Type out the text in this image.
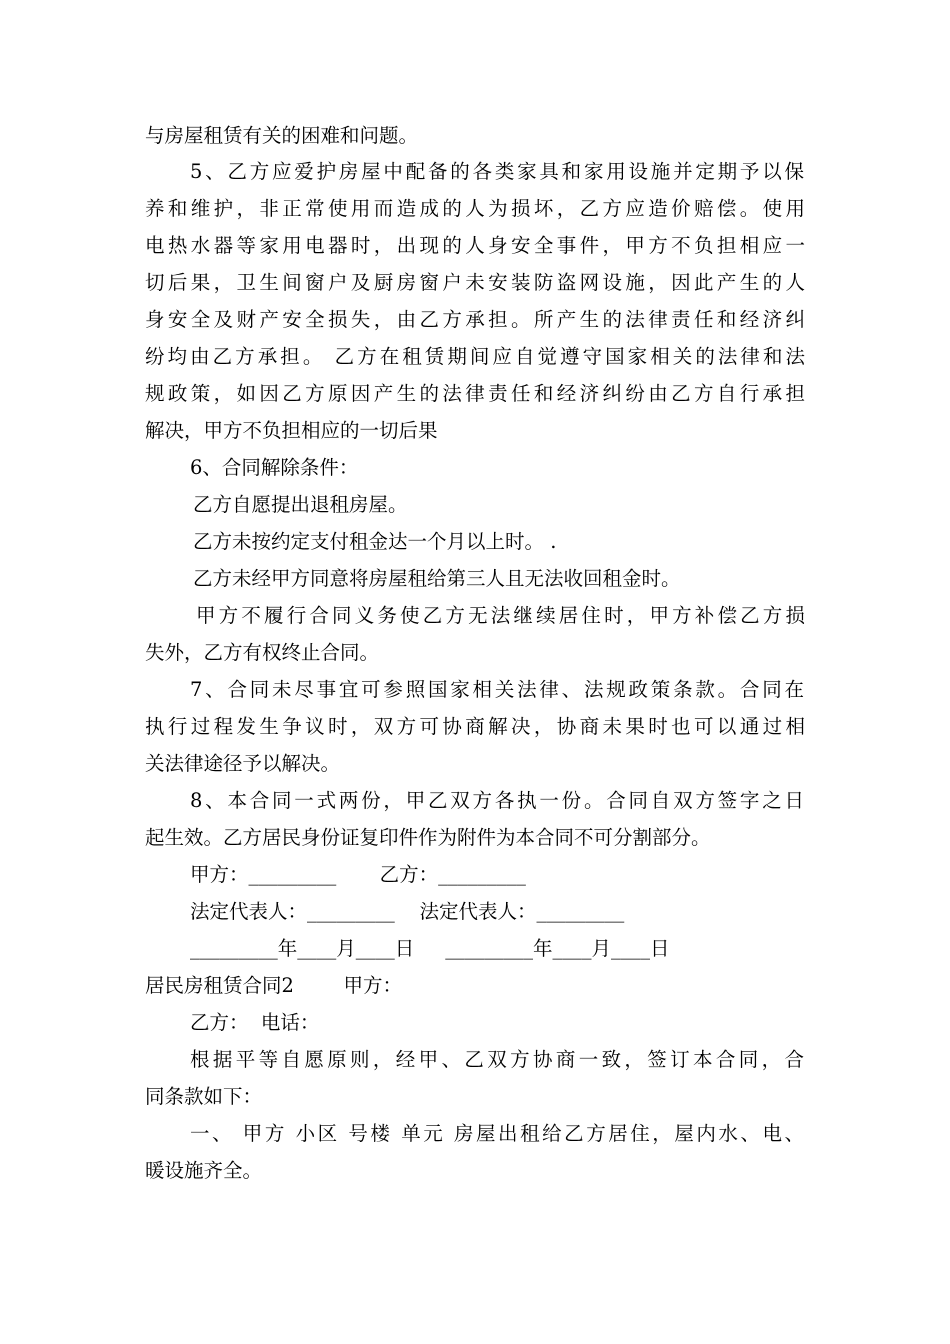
与房屋租赁有关的困难和问题。
5、乙方应爱护房屋中配备的各类家具和家用设施并定期予以保
养和维护，非正常使用而造成的人为损坏，乙方应造价赔偿。使用
电热水器等家用电器时，出现的人身安全事件，甲方不负担相应一
切后果，卫生间窗户及厨房窗户未安装防盗网设施，因此产生的人
身安全及财产安全损失，由乙方承担。所产生的法律责任和经济纠
纷均由乙方承担。 乙方在租赁期间应自觉遵守国家相关的法律和法
规政策，如因乙方原因产生的法律责任和经济纠纷由乙方自行承担
解决，甲方不负担相应的一切后果
6、合同解除条件：
乙方自愿提出退租房屋。
乙方未按约定支付租金达一个月以上时。 .
乙方未经甲方同意将房屋租给第三人且无法收回租金时。
甲方不履行合同义务使乙方无法继续居住时，甲方补偿乙方损
失外，乙方有权终止合同。
7、合同未尽事宜可参照国家相关法律、法规政策条款。合同在
执行过程发生争议时，双方可协商解决，协商未果时也可以通过相
关法律途径予以解决。
8、本合同一式两份，甲乙双方各执一份。合同自双方签字之日
起生效。乙方居民身份证复印件作为附件为本合同不可分割部分。
甲方：_________       乙方：_________
法定代表人：_________    法定代表人：_________
_________年____月____日     _________年____月____日
居民房租赁合同2        甲方：
乙方：  电话：
根据平等自愿原则，经甲、乙双方协商一致，签订本合同，合
同条款如下：
一、 甲方 小区 号楼 单元 房屋出租给乙方居住，屋内水、电、
暖设施齐全。
